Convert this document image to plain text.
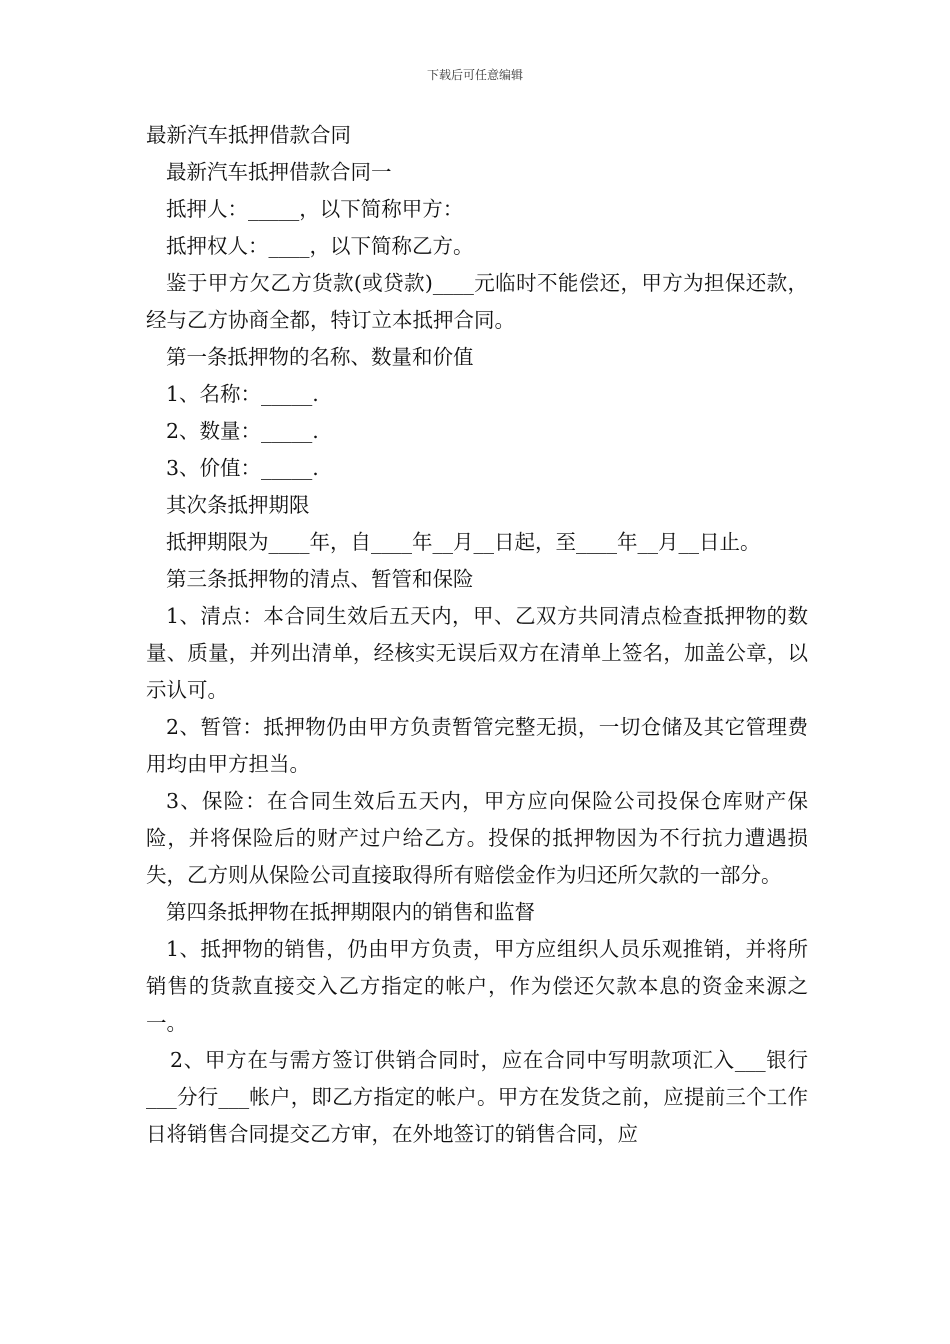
下载后可任意编辑

最新汽车抵押借款合同

最新汽车抵押借款合同一

抵押人：_____，以下简称甲方：

抵押权人：____，以下简称乙方。

鉴于甲方欠乙方货款(或贷款)____元临时不能偿还，甲方为担保还款，经与乙方协商全都，特订立本抵押合同。

第一条抵押物的名称、数量和价值

1、名称：_____.

2、数量：_____.

3、价值：_____.

其次条抵押期限

抵押期限为____年，自____年__月__日起，至____年__月__日止。

第三条抵押物的清点、暂管和保险

1、清点：本合同生效后五天内，甲、乙双方共同清点检查抵押物的数量、质量，并列出清单，经核实无误后双方在清单上签名，加盖公章，以示认可。

2、暂管：抵押物仍由甲方负责暂管完整无损，一切仓储及其它管理费用均由甲方担当。

3、保险：在合同生效后五天内，甲方应向保险公司投保仓库财产保险，并将保险后的财产过户给乙方。投保的抵押物因为不行抗力遭遇损失，乙方则从保险公司直接取得所有赔偿金作为归还所欠款的一部分。

第四条抵押物在抵押期限内的销售和监督

1、抵押物的销售，仍由甲方负责，甲方应组织人员乐观推销，并将所销售的货款直接交入乙方指定的帐户，作为偿还欠款本息的资金来源之一。

2、甲方在与需方签订供销合同时，应在合同中写明款项汇入___银行___分行___帐户，即乙方指定的帐户。甲方在发货之前，应提前三个工作日将销售合同提交乙方审，在外地签订的销售合同，应
